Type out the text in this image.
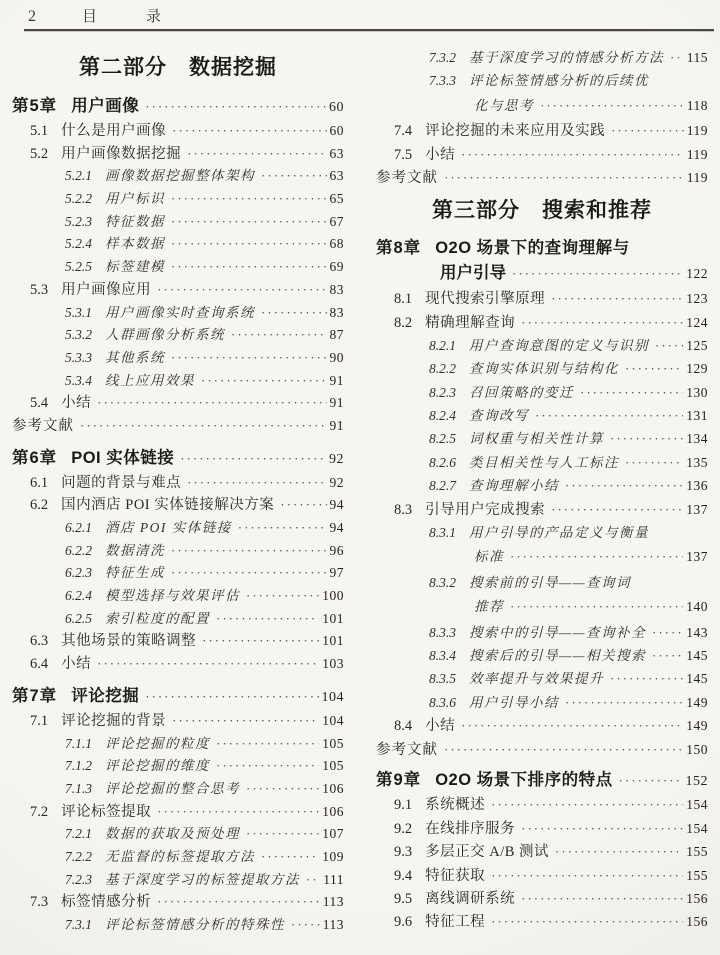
2	目　录
第二部分　数据挖掘
第5章 用户画像 ·····	60
5.1 什么是用户画像 ·····	60
5.2 用户画像数据挖掘 ·····	63
5.2.1 画像数据挖掘整体架构 ·····	63
5.2.2 用户标识 ·····	65
5.2.3 特征数据 ·····	67
5.2.4 样本数据 ·····	68
5.2.5 标签建模 ·····	69
5.3 用户画像应用 ·····	83
5.3.1 用户画像实时查询系统 ·····	83
5.3.2 人群画像分析系统 ·····	87
5.3.3 其他系统 ·····	90
5.3.4 线上应用效果 ·····	91
5.4 小结 ·····	91
参考文献 ·····	91
第6章 POI 实体链接 ·····	92
6.1 问题的背景与难点 ·····	92
6.2 国内酒店 POI 实体链接解决方案 ·····	94
6.2.1 酒店 POI 实体链接 ·····	94
6.2.2 数据清洗 ·····	96
6.2.3 特征生成 ·····	97
6.2.4 模型选择与效果评估 ·····	100
6.2.5 索引粒度的配置 ·····	101
6.3 其他场景的策略调整 ·····	101
6.4 小结 ·····	103
第7章 评论挖掘 ·····	104
7.1 评论挖掘的背景 ·····	104
7.1.1 评论挖掘的粒度 ·····	105
7.1.2 评论挖掘的维度 ·····	105
7.1.3 评论挖掘的整合思考 ·····	106
7.2 评论标签提取 ·····	106
7.2.1 数据的获取及预处理 ·····	107
7.2.2 无监督的标签提取方法 ·····	109
7.2.3 基于深度学习的标签提取方法 ····· 111
7.3 标签情感分析 ·····	113
7.3.1 评论标签情感分析的特殊性 ·····	113
7.3.2 基于深度学习的情感分析方法 ····· 115
7.3.3 评论标签情感分析的后续优
化与思考 ·····	118
7.4 评论挖掘的未来应用及实践 ·····	119
7.5 小结 ·····	119
参考文献 ·····	119
第三部分　搜索和推荐
第8章 O2O 场景下的查询理解与
用户引导 ·····	122
8.1 现代搜索引擎原理 ·····	123
8.2 精确理解查询 ·····	124
8.2.1 用户查询意图的定义与识别 ·····	125
8.2.2 查询实体识别与结构化 ·····	129
8.2.3 召回策略的变迁 ·····	130
8.2.4 查询改写 ·····	131
8.2.5 词权重与相关性计算 ·····	134
8.2.6 类目相关性与人工标注 ·····	135
8.2.7 查询理解小结 ·····	136
8.3 引导用户完成搜索 ·····	137
8.3.1 用户引导的产品定义与衡量
标准 ·····	137
8.3.2 搜索前的引导——查询词
推荐 ·····	140
8.3.3 搜索中的引导——查询补全 ·····	143
8.3.4 搜索后的引导——相关搜索 ·····	145
8.3.5 效率提升与效果提升 ·····	145
8.3.6 用户引导小结 ·····	149
8.4 小结 ·····	149
参考文献 ·····	150
第9章 O2O 场景下排序的特点 ·····	152
9.1 系统概述 ·····	154
9.2 在线排序服务 ·····	154
9.3 多层正交 A/B 测试 ·····	155
9.4 特征获取 ·····	155
9.5 离线调研系统 ·····	156
9.6 特征工程 ·····	156
